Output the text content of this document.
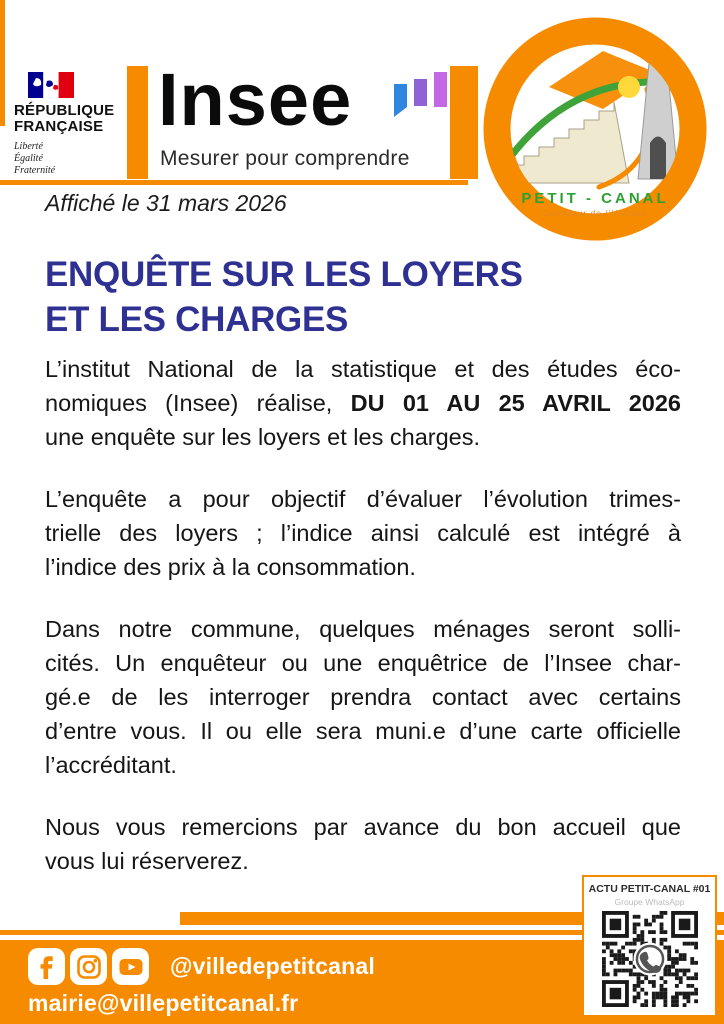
RÉPUBLIQUE
FRANÇAISE
Liberté
Égalité
Fraternité
Insee
Mesurer pour comprendre
PETIT - CANAL
Carrefour de l’Histoire
Affiché le 31 mars 2026
ENQUÊTE SUR LES LOYERS
ET LES CHARGES
L’institut National de la statistique et des études éco-
nomiques (Insee) réalise, DU 01 AU 25 AVRIL 2026
une enquête sur les loyers et les charges.
L’enquête a pour objectif d’évaluer l’évolution trimes-
trielle des loyers ; l’indice ainsi calculé est intégré à
l’indice des prix à la consommation.
Dans notre commune, quelques ménages seront solli-
cités. Un enquêteur ou une enquêtrice de l’Insee char-
gé.e de les interroger prendra contact avec certains
d’entre vous. Il ou elle sera muni.e d’une carte officielle
l’accréditant.
Nous vous remercions par avance du bon accueil que
vous lui réserverez.
@villedepetitcanal
mairie@villepetitcanal.fr
ACTU PETIT-CANAL #01
Groupe WhatsApp
